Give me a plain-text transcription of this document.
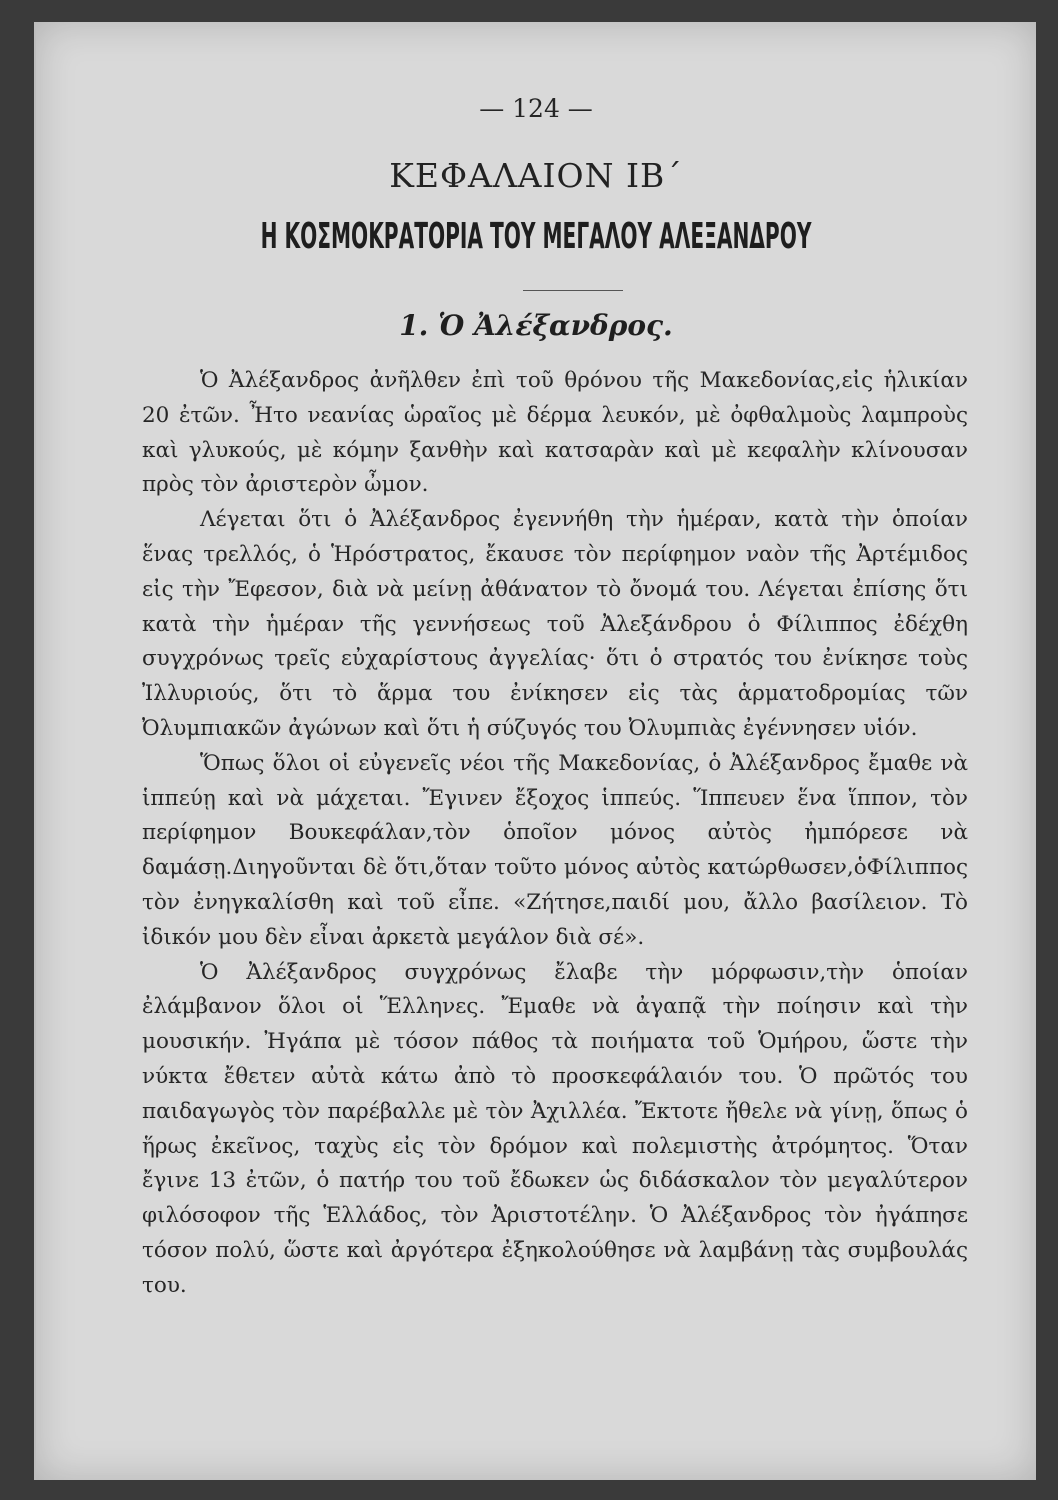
— 124 —
ΚΕΦΑΛΑΙΟΝ ΙΒ΄
Η ΚΟΣΜΟΚΡΑΤΟΡΙΑ ΤΟΥ ΜΕΓΑΛΟΥ ΑΛΕΞΑΝΔΡΟΥ
1. Ὁ Ἀλέξανδρος.

Ὁ Ἀλέξανδρος ἀνῆλθεν ἐπὶ τοῦ θρόνου τῆς Μακεδονίας,εἰς ἡλικίαν 20 ἐτῶν. Ἦτο νεανίας ὡραῖος μὲ δέρμα λευκόν, μὲ ὀφθαλμοὺς λαμπροὺς καὶ γλυκούς, μὲ κόμην ξανθὴν καὶ κατσαρὰν καὶ μὲ κεφαλὴν κλίνουσαν πρὸς τὸν ἀριστερὸν ὦμον.

Λέγεται ὅτι ὁ Ἀλέξανδρος ἐγεννήθη τὴν ἡμέραν, κατὰ τὴν ὁποίαν ἕνας τρελλός, ὁ Ἡρόστρατος, ἔκαυσε τὸν περίφημον ναὸν τῆς Ἀρτέμιδος εἰς τὴν Ἔφεσον, διὰ νὰ μείνῃ ἀθάνατον τὸ ὄνομά του. Λέγεται ἐπίσης ὅτι κατὰ τὴν ἡμέραν τῆς γεννήσεως τοῦ Ἀλεξάνδρου ὁ Φίλιππος ἐδέχθη συγχρόνως τρεῖς εὐχαρίστους ἀγγελίας· ὅτι ὁ στρατός του ἐνίκησε τοὺς Ἰλλυριούς, ὅτι τὸ ἅρμα του ἐνίκησεν εἰς τὰς ἁρματοδρομίας τῶν Ὀλυμπιακῶν ἀγώνων καὶ ὅτι ἡ σύζυγός του Ὀλυμπιὰς ἐγέννησεν υἱόν.

Ὅπως ὅλοι οἱ εὐγενεῖς νέοι τῆς Μακεδονίας, ὁ Ἀλέξανδρος ἔμαθε νὰ ἱππεύῃ καὶ νὰ μάχεται. Ἔγινεν ἔξοχος ἱππεύς. Ἵππευεν ἕνα ἵππον, τὸν περίφημον Βουκεφάλαν,τὸν ὁποῖον μόνος αὐτὸς ἠμπόρεσε νὰ δαμάσῃ.Διηγοῦνται δὲ ὅτι,ὅταν τοῦτο μόνος αὐτὸς κατώρθωσεν,ὁΦίλιππος τὸν ἐνηγκαλίσθη καὶ τοῦ εἶπε. «Ζήτησε,παιδί μου, ἄλλο βασίλειον. Τὸ ἰδικόν μου δὲν εἶναι ἀρκετὰ μεγάλον διὰ σέ».

Ὁ Ἀλέξανδρος συγχρόνως ἔλαβε τὴν μόρφωσιν,τὴν ὁποίαν ἐλάμβανον ὅλοι οἱ Ἕλληνες. Ἔμαθε νὰ ἀγαπᾷ τὴν ποίησιν καὶ τὴν μουσικήν. Ἠγάπα μὲ τόσον πάθος τὰ ποιήματα τοῦ Ὁμήρου, ὥστε τὴν νύκτα ἔθετεν αὐτὰ κάτω ἀπὸ τὸ προσκεφάλαιόν του. Ὁ πρῶτός του παιδαγωγὸς τὸν παρέβαλλε μὲ τὸν Ἀχιλλέα. Ἔκτοτε ἤθελε νὰ γίνῃ, ὅπως ὁ ἥρως ἐκεῖνος, ταχὺς εἰς τὸν δρόμον καὶ πολεμιστὴς ἀτρόμητος. Ὅταν ἔγινε 13 ἐτῶν, ὁ πατήρ του τοῦ ἔδωκεν ὡς διδάσκαλον τὸν μεγαλύτερον φιλόσοφον τῆς Ἑλλάδος, τὸν Ἀριστοτέλην. Ὁ Ἀλέξανδρος τὸν ἠγάπησε τόσον πολύ, ὥστε καὶ ἀργότερα ἐξηκολούθησε νὰ λαμβάνῃ τὰς συμβουλάς του.
